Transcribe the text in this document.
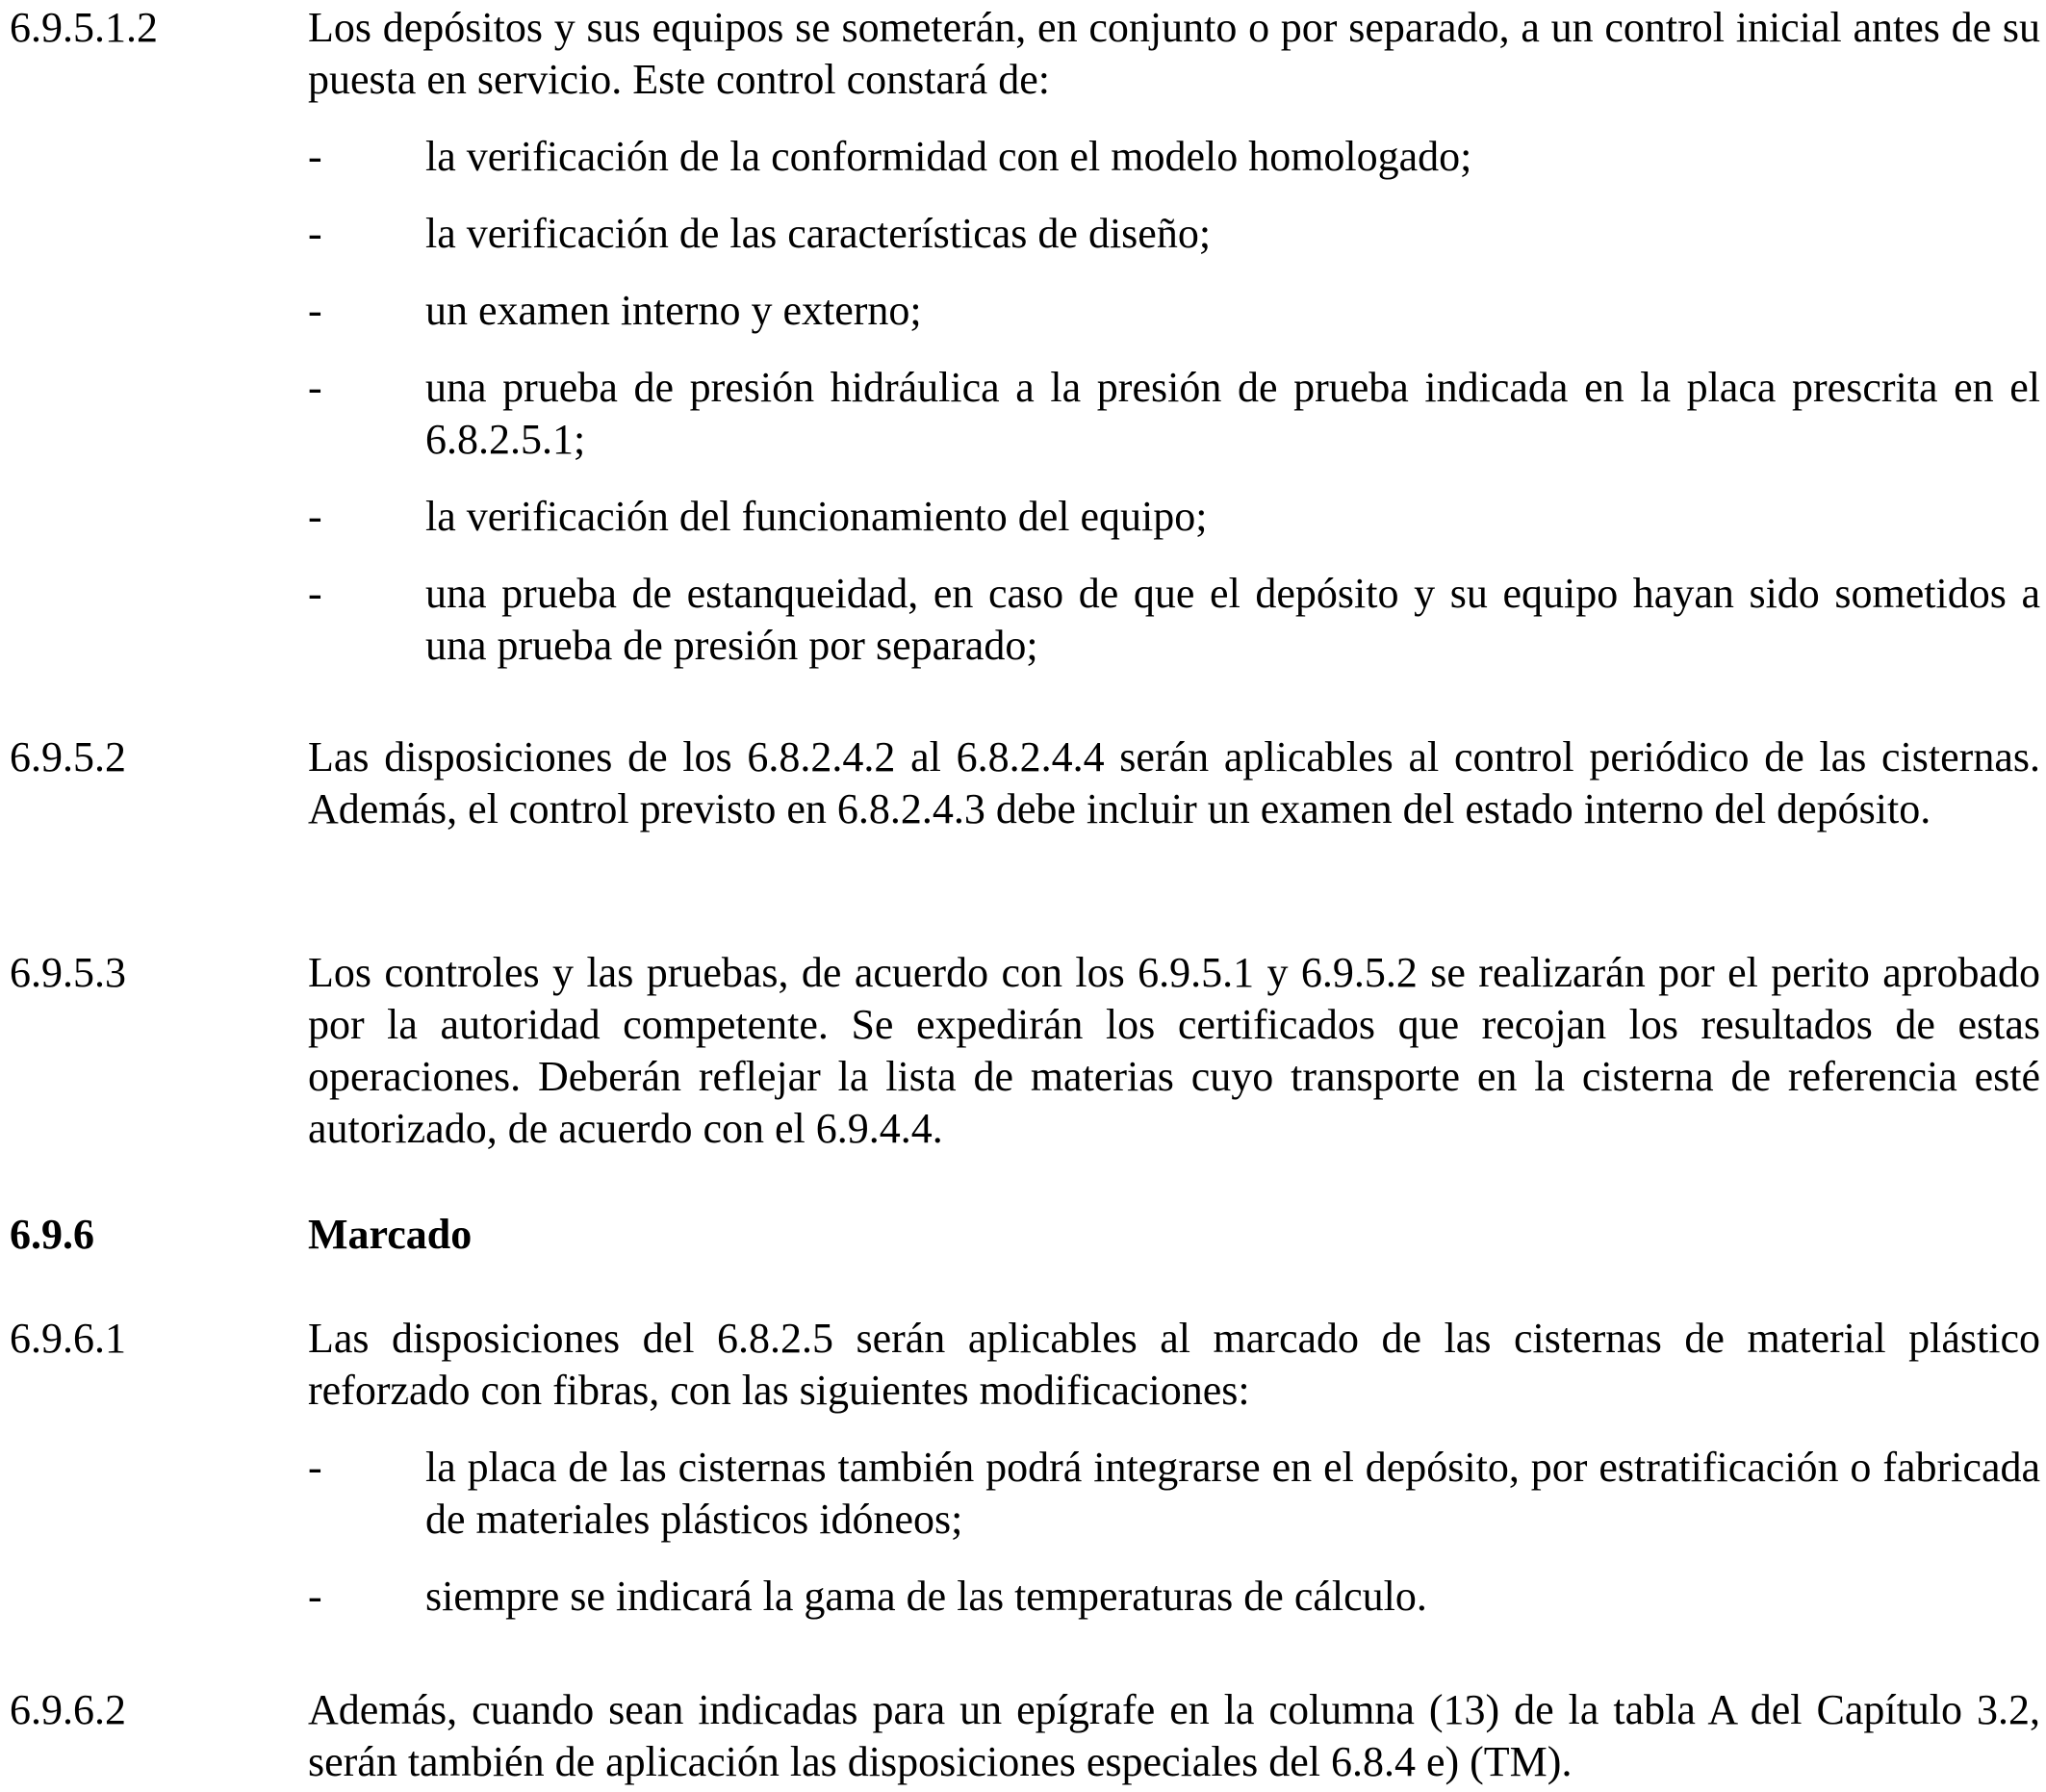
6.9.5.1.2	Los depósitos y sus equipos se someterán, en conjunto o por separado, a un control inicial antes de su puesta en servicio. Este control constará de:

- la verificación de la conformidad con el modelo homologado;
- la verificación de las características de diseño;
- un examen interno y externo;
- una prueba de presión hidráulica a la presión de prueba indicada en la placa prescrita en el 6.8.2.5.1;
- la verificación del funcionamiento del equipo;
- una prueba de estanqueidad, en caso de que el depósito y su equipo hayan sido sometidos a una prueba de presión por separado;
6.9.5.2	Las disposiciones de los 6.8.2.4.2 al 6.8.2.4.4 serán aplicables al control periódico de las cisternas. Además, el control previsto en 6.8.2.4.3 debe incluir un examen del estado interno del depósito.

6.9.5.3	Los controles y las pruebas, de acuerdo con los 6.9.5.1 y 6.9.5.2 se realizarán por el perito aprobado por la autoridad competente. Se expedirán los certificados que recojan los resultados de estas operaciones. Deberán reflejar la lista de materias cuyo transporte en la cisterna de referencia esté autorizado, de acuerdo con el 6.9.4.4.

6.9.6	Marcado
6.9.6.1	Las disposiciones del 6.8.2.5 serán aplicables al marcado de las cisternas de material plástico reforzado con fibras, con las siguientes modificaciones:

- la placa de las cisternas también podrá integrarse en el depósito, por estratificación o fabricada de materiales plásticos idóneos;
- siempre se indicará la gama de las temperaturas de cálculo.
6.9.6.2	Además, cuando sean indicadas para un epígrafe en la columna (13) de la tabla A del Capítulo 3.2, serán también de aplicación las disposiciones especiales del 6.8.4 e) (TM).
